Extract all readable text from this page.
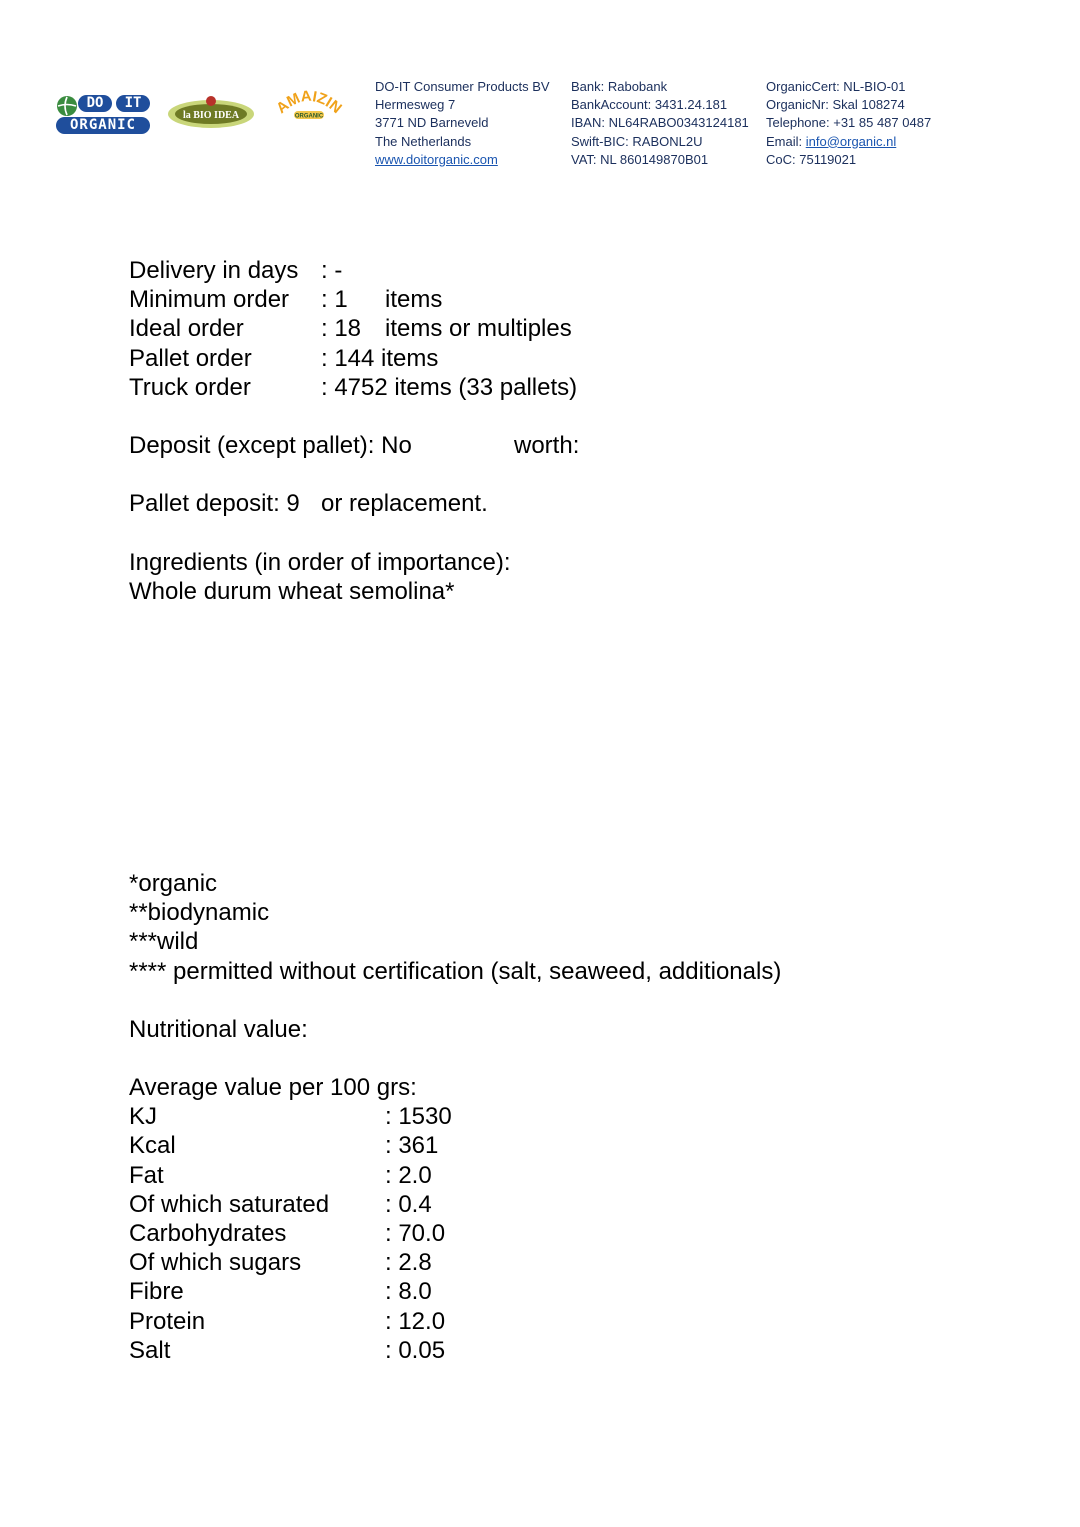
DO	IT
ORGANIC
la BIO IDEA AMAIZIN
ORGANIC
DO-IT Consumer Products BV
Hermesweg 7
3771 ND Barneveld
The Netherlands
www.doitorganic.com
Bank: Rabobank
BankAccount: 3431.24.181
IBAN: NL64RABO0343124181
Swift-BIC: RABONL2U
VAT: NL 860149870B01
OrganicCert: NL-BIO-01
OrganicNr: Skal 108274
Telephone: +31 85 487 0487
Email: info@organic.nl
CoC: 75119021
Delivery in days : -
Minimum order : 1 items
Ideal order	: 18 items or multiples
Pallet order	: 144 items
Truck order	: 4752 items (33 pallets)
Deposit (except pallet): No	worth:
Pallet deposit: 9 or replacement.
Ingredients (in order of importance):
Whole durum wheat semolina*
*organic
**biodynamic
***wild
**** permitted without certification (salt, seaweed, additionals)
Nutritional value:
Average value per 100 grs:
KJ	: 1530
Kcal	: 361
Fat	: 2.0
Of which saturated : 0.4
Carbohydrates	: 70.0
Of which sugars	: 2.8
Fibre	: 8.0
Protein	: 12.0
Salt	: 0.05
